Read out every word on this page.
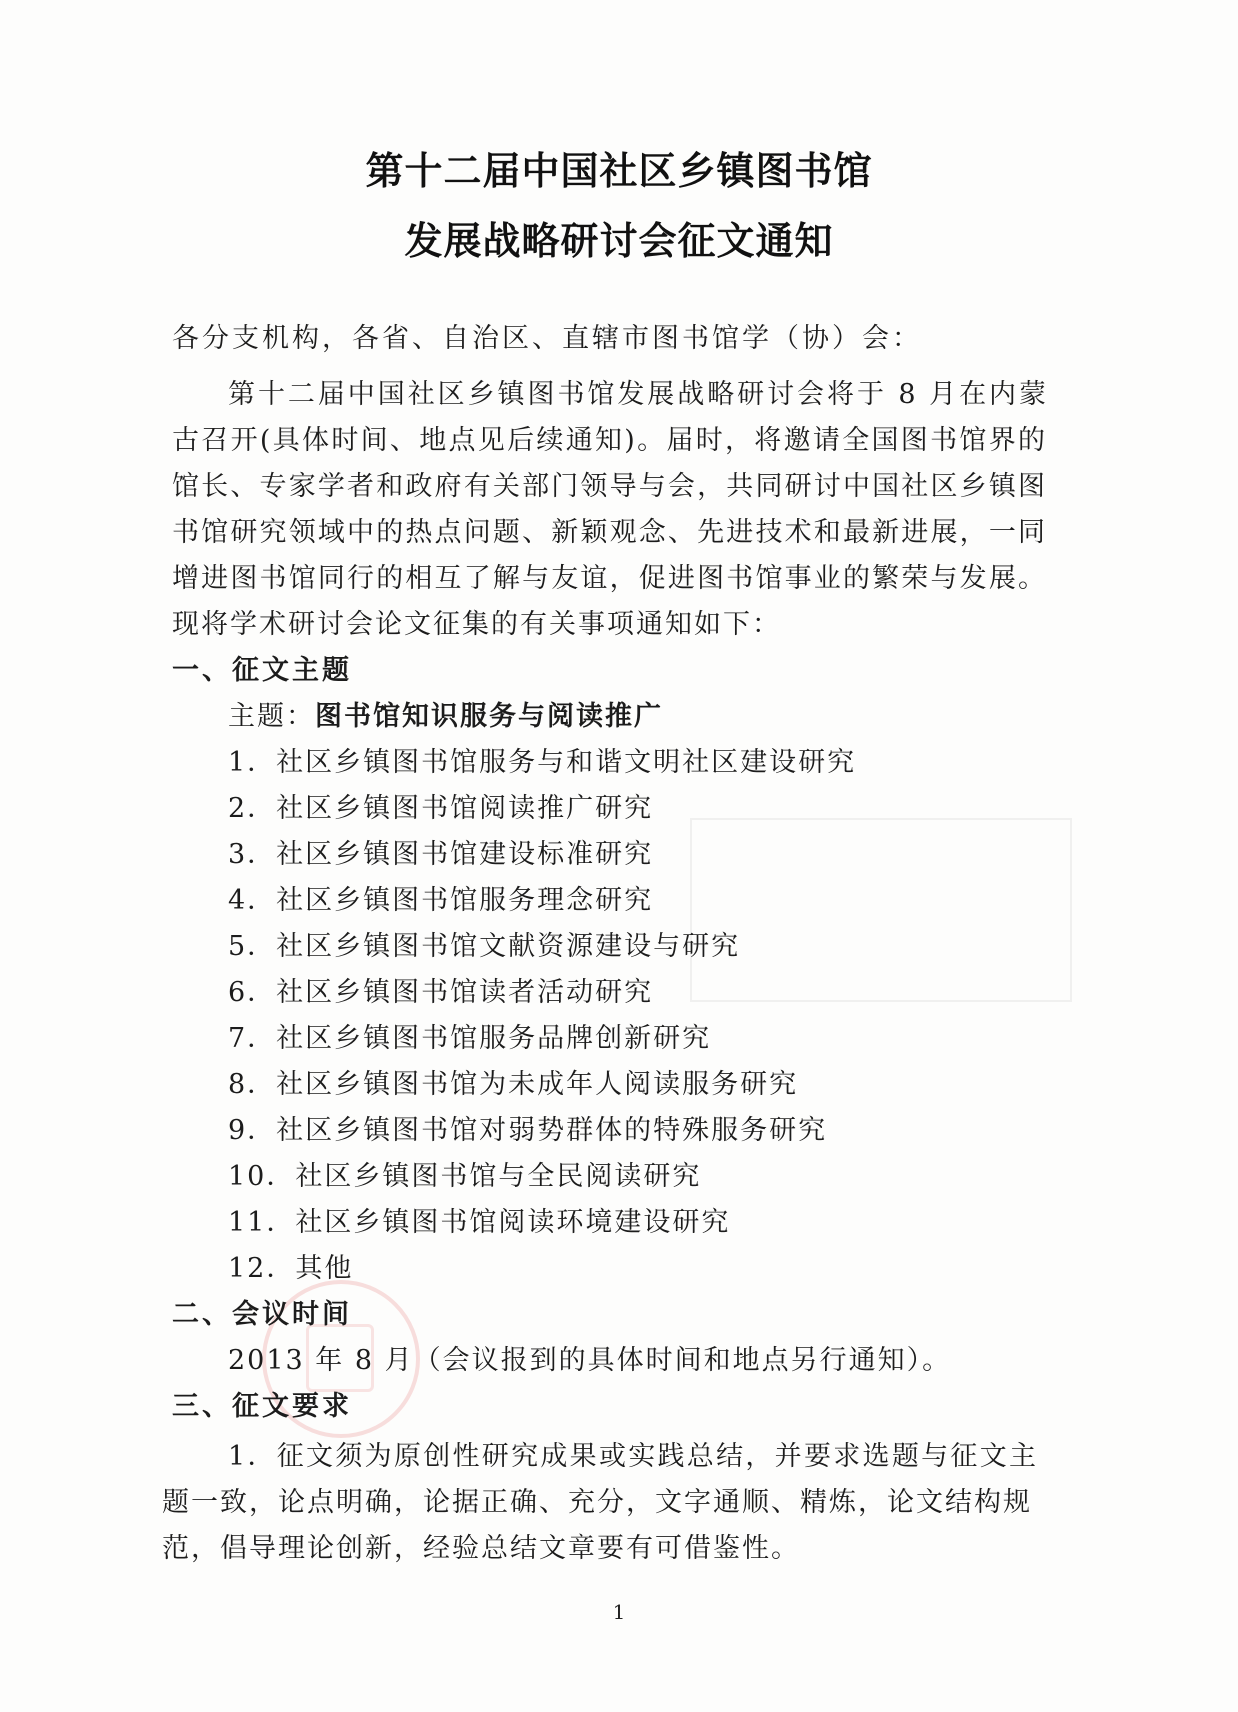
第十二届中国社区乡镇图书馆
发展战略研讨会征文通知
各分支机构，各省、自治区、直辖市图书馆学（协）会：
第十二届中国社区乡镇图书馆发展战略研讨会将于 8 月在内蒙
古召开(具体时间、地点见后续通知)。届时，将邀请全国图书馆界的
馆长、专家学者和政府有关部门领导与会，共同研讨中国社区乡镇图
书馆研究领域中的热点问题、新颖观念、先进技术和最新进展，一同
增进图书馆同行的相互了解与友谊，促进图书馆事业的繁荣与发展。
现将学术研讨会论文征集的有关事项通知如下：
一、征文主题
主题：图书馆知识服务与阅读推广
1．社区乡镇图书馆服务与和谐文明社区建设研究
2．社区乡镇图书馆阅读推广研究
3．社区乡镇图书馆建设标准研究
4．社区乡镇图书馆服务理念研究
5．社区乡镇图书馆文献资源建设与研究
6．社区乡镇图书馆读者活动研究
7．社区乡镇图书馆服务品牌创新研究
8．社区乡镇图书馆为未成年人阅读服务研究
9．社区乡镇图书馆对弱势群体的特殊服务研究
10．社区乡镇图书馆与全民阅读研究
11．社区乡镇图书馆阅读环境建设研究
12．其他
二、会议时间
2013 年 8 月（会议报到的具体时间和地点另行通知）。
三、征文要求
1．征文须为原创性研究成果或实践总结，并要求选题与征文主
题一致，论点明确，论据正确、充分，文字通顺、精炼，论文结构规
范，倡导理论创新，经验总结文章要有可借鉴性。
1
